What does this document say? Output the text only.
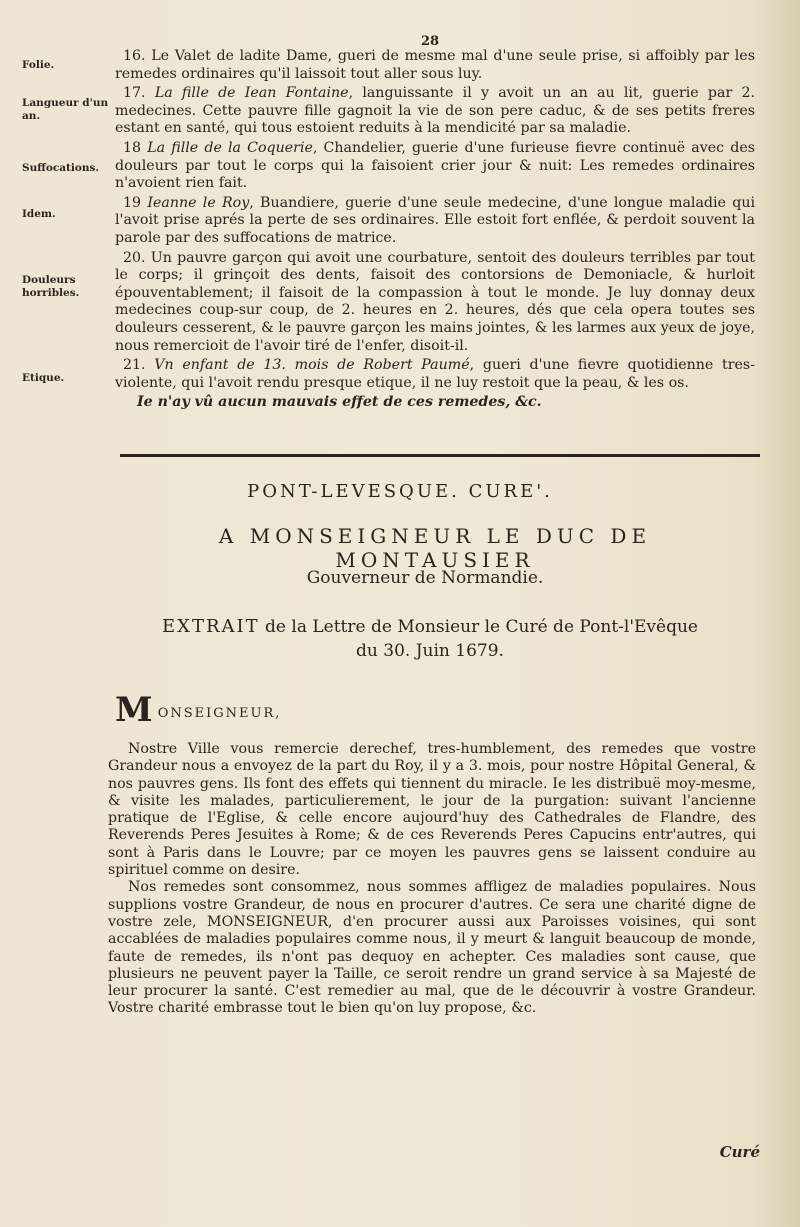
28
Folie.
Langueur d'un an.
Suffocations.
Idem.
Douleurs horribles.
Etique.

16. Le Valet de ladite Dame, gueri de mesme mal d'une seule prise, si affoibly par les remedes ordinaires qu'il laissoit tout aller sous luy.

17. La fille de Iean Fontaine, languissante il y avoit un an au lit, guerie par 2. medecines. Cette pauvre fille gagnoit la vie de son pere caduc, & de ses petits freres estant en santé, qui tous estoient reduits à la mendicité par sa maladie.

18 La fille de la Coquerie, Chandelier, guerie d'une furieuse fievre continuë avec des douleurs par tout le corps qui la faisoient crier jour & nuit: Les remedes ordinaires n'avoient rien fait.

19 Ieanne le Roy, Buandiere, guerie d'une seule medecine, d'une longue maladie qui l'avoit prise aprés la perte de ses ordinaires. Elle estoit fort enflée, & perdoit souvent la parole par des suffocations de matrice.

20. Un pauvre garçon qui avoit une courbature, sentoit des douleurs terribles par tout le corps; il grinçoit des dents, faisoit des contorsions de Demoniacle, & hurloit épouventablement; il faisoit de la compassion à tout le monde. Je luy donnay deux medecines coup-sur coup, de 2. heures en 2. heures, dés que cela opera toutes ses douleurs cesserent, & le pauvre garçon les mains jointes, & les larmes aux yeux de joye, nous remercioit de l'avoir tiré de l'enfer, disoit-il.

21. Vn enfant de 13. mois de Robert Paumé, gueri d'une fievre quotidienne tres-violente, qui l'avoit rendu presque etique, il ne luy restoit que la peau, & les os.

Ie n'ay vû aucun mauvais effet de ces remedes, &c.

PONT-LEVESQUE. CURE'.
A MONSEIGNEUR LE DUC DE MONTAUSIER
Gouverneur de Normandie.
EXTRAIT de la Lettre de Monsieur le Curé de Pont-l'Evêque du 30. Juin 1679.
M ONSEIGNEUR,

Nostre Ville vous remercie derechef, tres-humblement, des remedes que vostre Grandeur nous a envoyez de la part du Roy, il y a 3. mois, pour nostre Hôpital General, & nos pauvres gens. Ils font des effets qui tiennent du miracle. Ie les distribuë moy-mesme, & visite les malades, particulierement, le jour de la purgation: suivant l'ancienne pratique de l'Eglise, & celle encore aujourd'huy des Cathedrales de Flandre, des Reverends Peres Jesuites à Rome; & de ces Reverends Peres Capucins entr'autres, qui sont à Paris dans le Louvre; par ce moyen les pauvres gens se laissent conduire au spirituel comme on desire.

Nos remedes sont consommez, nous sommes affligez de maladies populaires. Nous supplions vostre Grandeur, de nous en procurer d'autres. Ce sera une charité digne de vostre zele, MONSEIGNEUR, d'en procurer aussi aux Paroisses voisines, qui sont accablées de maladies populaires comme nous, il y meurt & languit beaucoup de monde, faute de remedes, ils n'ont pas dequoy en achepter. Ces maladies sont cause, que plusieurs ne peuvent payer la Taille, ce seroit rendre un grand service à sa Majesté de leur procurer la santé. C'est remedier au mal, que de le découvrir à vostre Grandeur. Vostre charité embrasse tout le bien qu'on luy propose, &c.

Curé
